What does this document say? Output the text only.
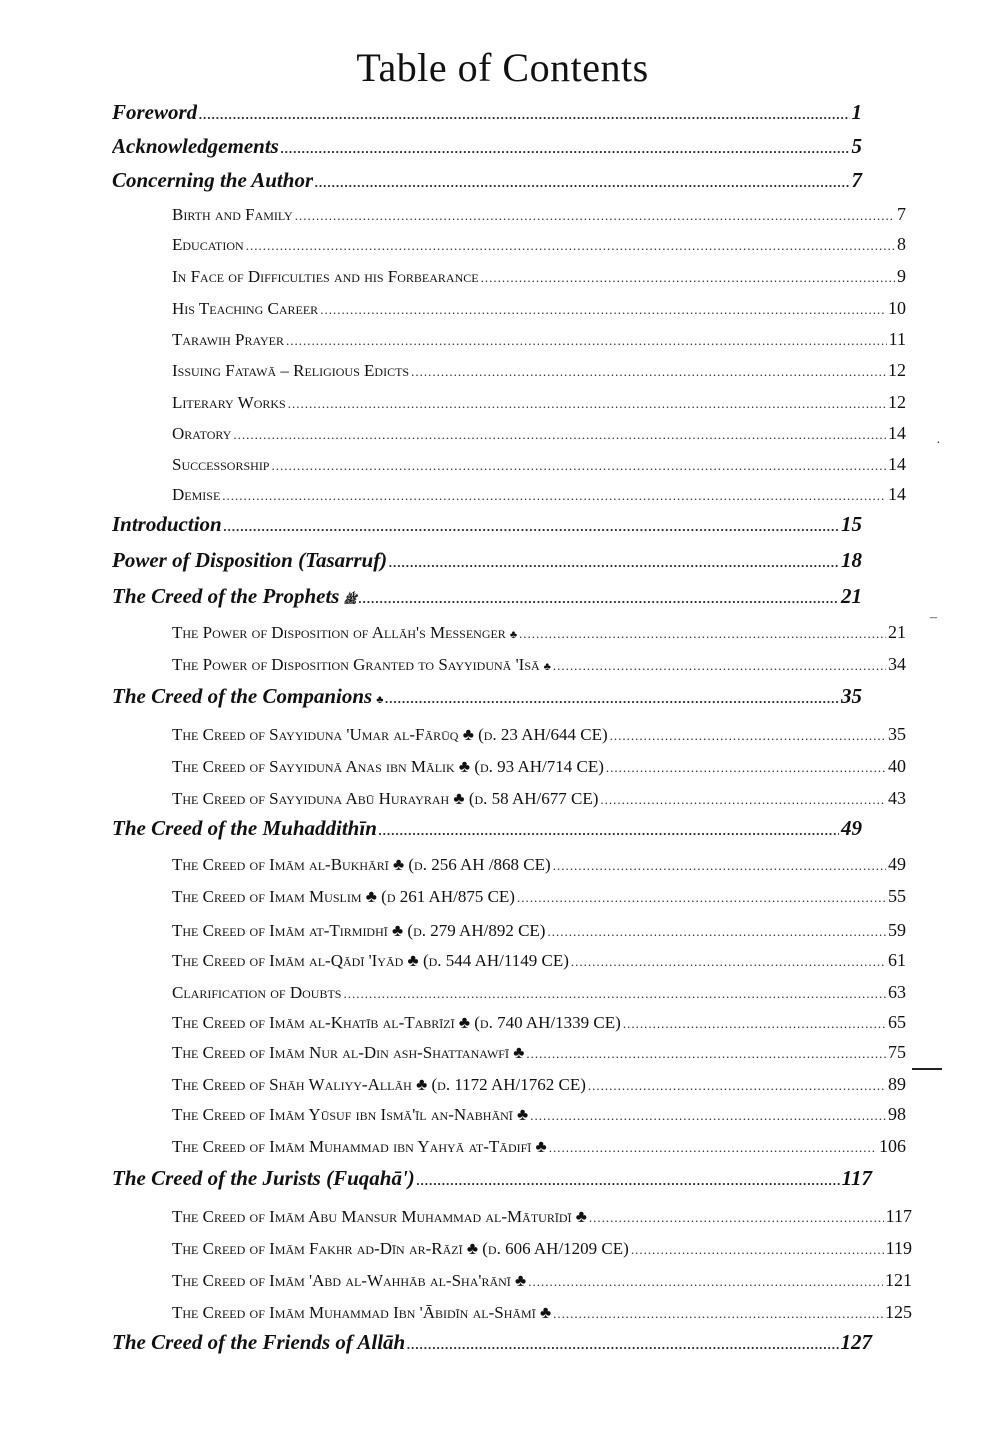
Table of Contents
Foreword .....	1
Acknowledgements .....	5
Concerning the Author .....	7
Birth and Family .....	7
Education .....	8
In Face of Difficulties and his Forbearance .....	9
His Teaching Career .....	10
Tarawih Prayer .....	11
Issuing Fatawā – Religious Edicts .....	12
Literary Works .....	12
Oratory .....	14
Successorship .....	14
Demise .....	14
Introduction .....	15
Power of Disposition (Tasarruf) .....	18
The Creed of the Prophets ﷺ .....	21
The Power of Disposition of Allāh's Messenger ♣ .....	21
The Power of Disposition Granted to Sayyidunā 'Isā ♣ .....	34
The Creed of the Companions ♣ .....	35
The Creed of Sayyiduna 'Umar al-Fārūq ♣ (d. 23 AH/644 CE) .....	35
The Creed of Sayyidunā Anas ibn Mālik ♣ (d. 93 AH/714 CE) .....	40
The Creed of Sayyiduna Abū Hurayrah ♣ (d. 58 AH/677 CE) .....	43
The Creed of the Muhaddithīn .....	49
The Creed of Imām al-Bukhārī ♣ (d. 256 AH /868 CE) .....	49
The Creed of Imam Muslim ♣ (d 261 AH/875 CE) .....	55
The Creed of Imām at-Tirmidhī ♣ (d. 279 AH/892 CE) .....	59
The Creed of Imām al-Qādī 'Iyād ♣ (d. 544 AH/1149 CE) .....	61
Clarification of Doubts .....	63
The Creed of Imām al-Khatīb al-Tabrīzī ♣ (d. 740 AH/1339 CE) .....	65
The Creed of Imām Nur al-Din ash-Shattanawfī ♣ .....	75
The Creed of Shāh Waliyy-Allāh ♣ (d. 1172 AH/1762 CE) .....	89
The Creed of Imām Yūsuf ibn Ismā'īl an-Nabhānī ♣ .....	98
The Creed of Imām Muhammad ibn Yahyā at-Tādifī ♣ .....	106
The Creed of the Jurists (Fuqahā') .....	117
The Creed of Imām Abu Mansur Muhammad al-Māturīdī ♣ .....	117
The Creed of Imām Fakhr ad-Dīn ar-Rāzī ♣ (d. 606 AH/1209 CE) .....	119
The Creed of Imām 'Abd al-Wahhāb al-Sha'rānī ♣ .....	121
The Creed of Imām Muhammad Ibn 'Ābidīn al-Shāmī ♣ .....	125
The Creed of the Friends of Allāh .....	127
·
–
